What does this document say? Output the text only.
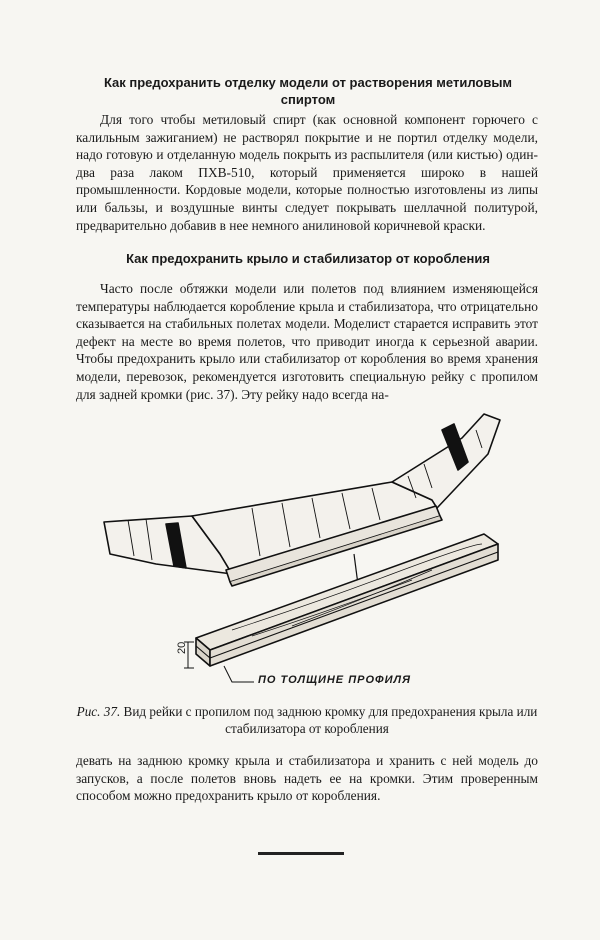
Как предохранить отделку модели от растворения метиловым спиртом
Для того чтобы метиловый спирт (как основной компонент горючего с калильным зажиганием) не растворял покрытие и не портил отделку модели, надо готовую и отделанную модель покрыть из распылителя (или кистью) один-два раза лаком ПХВ-510, который применяется широко в нашей промышленности. Кордовые модели, которые полностью изготовлены из липы или бальзы, и воздушные винты следует покрывать шеллачной политурой, предварительно добавив в нее немного анилиновой коричневой краски.
Как предохранить крыло и стабилизатор от коробления
Часто после обтяжки модели или полетов под влиянием изменяющейся температуры наблюдается коробление крыла и стабилизатора, что отрицательно сказывается на стабильных полетах модели. Моделист старается исправить этот дефект на месте во время полетов, что приводит иногда к серьезной аварии. Чтобы предохранить крыло или стабилизатор от коробления во время хранения модели, перевозок, рекомендуется изготовить специальную рейку с пропилом для задней кромки (рис. 37). Эту рейку надо всегда на-
20
ПО ТОЛЩИНЕ ПРОФИЛЯ
Рис. 37. Вид рейки с пропилом под заднюю кромку для предохранения крыла или стабилизатора от коробления
девать на заднюю кромку крыла и стабилизатора и хранить с ней модель до запусков, а после полетов вновь надеть ее на кромки. Этим проверенным способом можно предохранить крыло от коробления.
